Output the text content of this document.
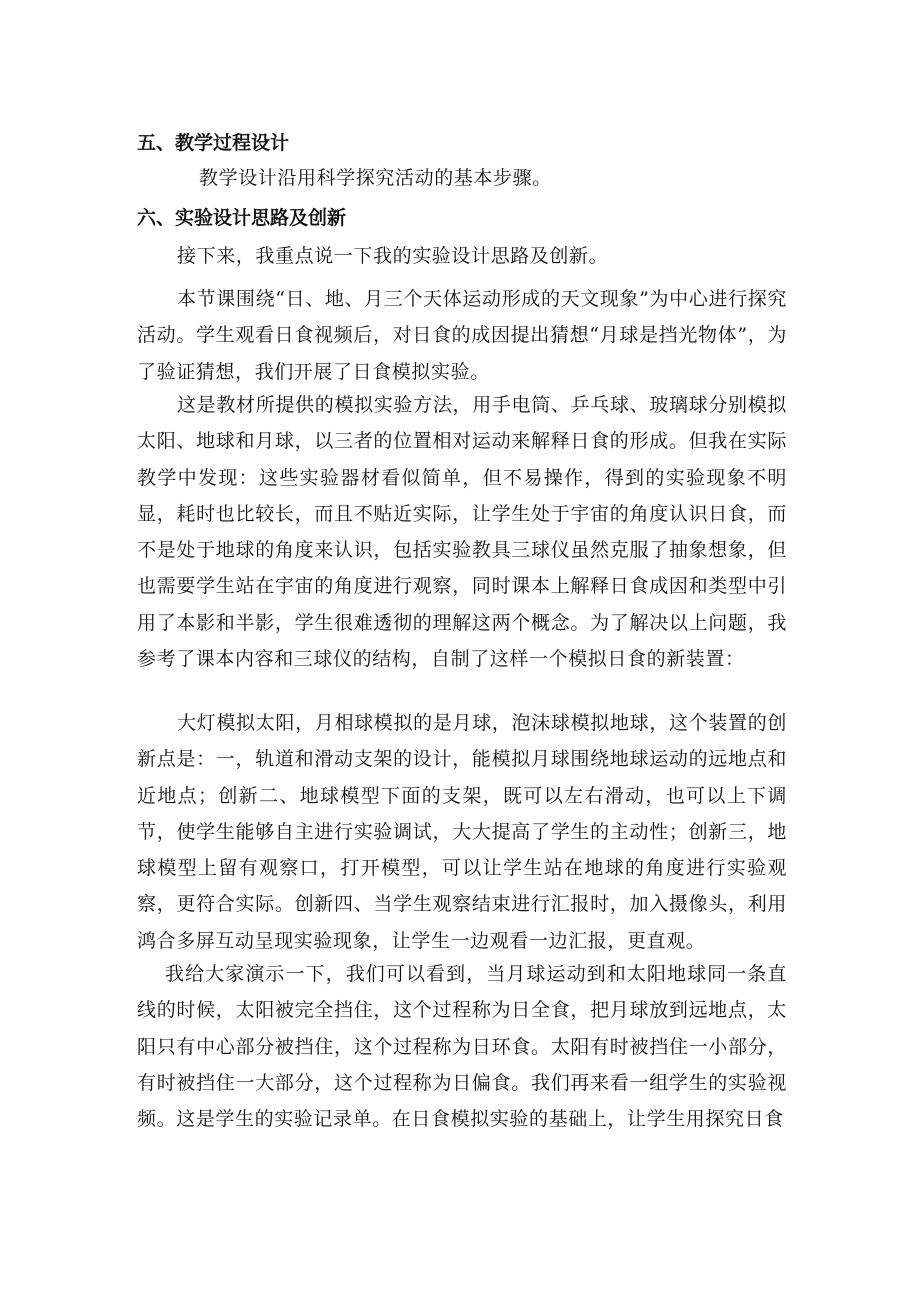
五、教学过程设计
教学设计沿用科学探究活动的基本步骤。
六、实验设计思路及创新
接下来，我重点说一下我的实验设计思路及创新。
本节课围绕“日、地、月三个天体运动形成的天文现象”为中心进行探究活动。学生观看日食视频后，对日食的成因提出猜想“月球是挡光物体”，为了验证猜想，我们开展了日食模拟实验。
这是教材所提供的模拟实验方法，用手电筒、乒乓球、玻璃球分别模拟太阳、地球和月球，以三者的位置相对运动来解释日食的形成。但我在实际教学中发现：这些实验器材看似简单，但不易操作，得到的实验现象不明显，耗时也比较长，而且不贴近实际，让学生处于宇宙的角度认识日食，而不是处于地球的角度来认识，包括实验教具三球仪虽然克服了抽象想象，但也需要学生站在宇宙的角度进行观察，同时课本上解释日食成因和类型中引用了本影和半影，学生很难透彻的理解这两个概念。为了解决以上问题，我参考了课本内容和三球仪的结构，自制了这样一个模拟日食的新装置：
大灯模拟太阳，月相球模拟的是月球，泡沫球模拟地球，这个装置的创新点是：一，轨道和滑动支架的设计，能模拟月球围绕地球运动的远地点和近地点；创新二、地球模型下面的支架，既可以左右滑动，也可以上下调节，使学生能够自主进行实验调试，大大提高了学生的主动性；创新三，地球模型上留有观察口，打开模型，可以让学生站在地球的角度进行实验观察，更符合实际。创新四、当学生观察结束进行汇报时，加入摄像头，利用鸿合多屏互动呈现实验现象，让学生一边观看一边汇报，更直观。
我给大家演示一下，我们可以看到，当月球运动到和太阳地球同一条直线的时候，太阳被完全挡住，这个过程称为日全食，把月球放到远地点，太阳只有中心部分被挡住，这个过程称为日环食。太阳有时被挡住一小部分，有时被挡住一大部分，这个过程称为日偏食。我们再来看一组学生的实验视频。这是学生的实验记录单。在日食模拟实验的基础上，让学生用探究日食
